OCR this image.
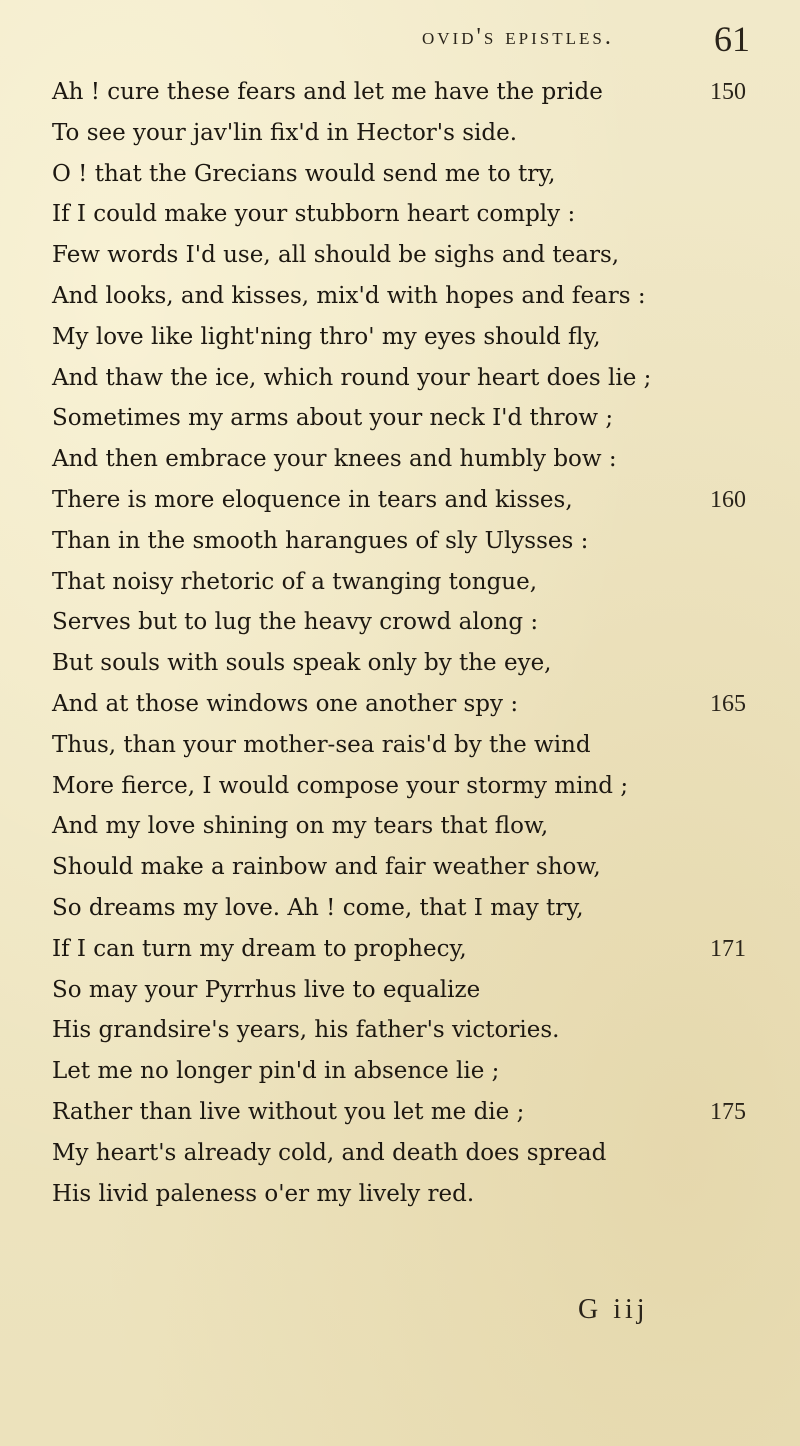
ovid's epistles.	61
Ah ! cure these fears and let me have the pride	150
To see your jav'lin fix'd in Hector's side.
O ! that the Grecians would send me to try,
If I could make your stubborn heart comply :
Few words I'd use, all should be sighs and tears,
And looks, and kisses, mix'd with hopes and fears :
My love like light'ning thro' my eyes should fly,
And thaw the ice, which round your heart does lie ;
Sometimes my arms about your neck I'd throw ;
And then embrace your knees and humbly bow :
There is more eloquence in tears and kisses,	160
Than in the smooth harangues of sly Ulysses :
That noisy rhetoric of a twanging tongue,
Serves but to lug the heavy crowd along :
But souls with souls speak only by the eye,
And at those windows one another spy :	165
Thus, than your mother-sea rais'd by the wind
More fierce, I would compose your stormy mind ;
And my love shining on my tears that flow,
Should make a rainbow and fair weather show,
So dreams my love. Ah ! come, that I may try,
If I can turn my dream to prophecy,	171
So may your Pyrrhus live to equalize
His grandsire's years, his father's victories.
Let me no longer pin'd in absence lie ;
Rather than live without you let me die ;	175
My heart's already cold, and death does spread
His livid paleness o'er my lively red.
G iij
